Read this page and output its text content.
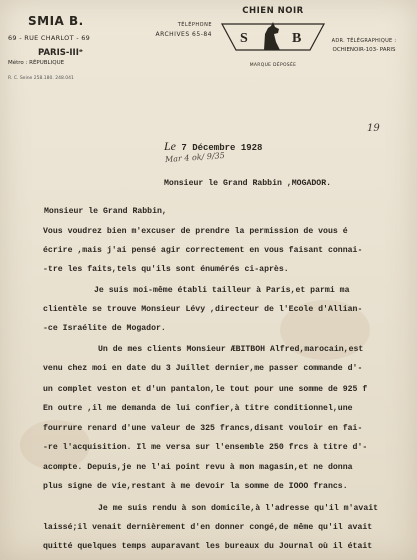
SMIA B.
69 - RUE CHARLOT - 69
PARIS-IIIᵉ
Métro : RÉPUBLIQUE
R. C. Seine 258.180. 248.041
TÉLÉPHONE
ARCHIVES 65-84
CHIEN NOIR
S	B
MARQUE DÉPOSÉE
ADR. TÉLÉGRAPHIQUE :
OCHIENOIR-103- PARIS
Le 7 Décembre 1928
Mar 4 ok/ 9/35
19
Monsieur le Grand Rabbin ,MOGADOR.
Monsieur le Grand Rabbin,
Vous voudrez bien m'excuser de prendre la permission de vous é
écrire ,mais j'ai pensé agir correctement en vous faisant connai-
-tre les faits,tels qu'ils sont énumérés ci-après.
Je suis moi-même établi tailleur à Paris,et parmi ma
clientèle se trouve Monsieur Lévy ,directeur de l'Ecole d'Allian-
-ce Israélite de Mogador.
Un de mes clients Monsieur ÆBITBOH Alfred,marocain,est
venu chez moi en date du 3 Juillet dernier,me passer commande d'-
un complet veston et d'un pantalon,le tout pour une somme de 925 f
En outre ,il me demanda de lui confier,à titre conditionnel,une
fourrure renard d'une valeur de 325 francs,disant vouloir en fai-
-re l'acquisition. Il me versa sur l'ensemble 250 frcs à titre d'-
acompte. Depuis,je ne l'ai point revu à mon magasin,et ne donna
plus signe de vie,restant à me devoir la somme de IOOO francs.
Je me suis rendu à son domicile,à l'adresse qu'il m'avait
laissé;il venait dernièrement d'en donner congé,de même qu'il avait
quitté quelques temps auparavant les bureaux du Journal où il était
